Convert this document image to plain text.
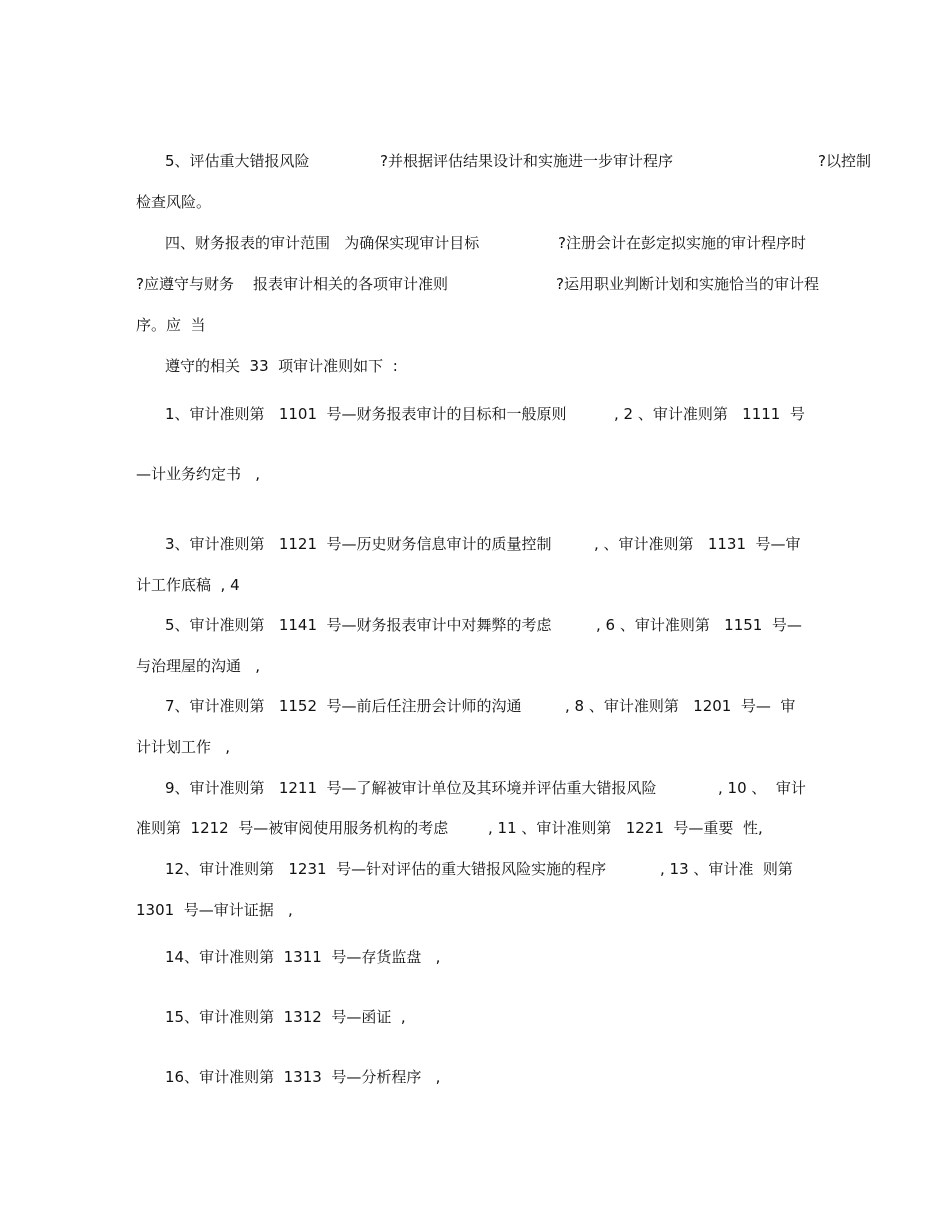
5、评估重大错报风险	?并根据评估结果设计和实施进一步审计程序	?以控制

检查风险。

四、财务报表的审计范围   为确保实现审计目标	?注册会计在彭定拟实施的审计程序时

?应遵守与财务    报表审计相关的各项审计准则	?运用职业判断计划和实施恰当的审计程

序。应  当

遵守的相关  33  项审计准则如下  :

1、审计准则第   1101  号—财务报表审计的目标和一般原则	, 2 、审计准则第   1111  号

—计业务约定书   ,

3、审计准则第   1121  号—历史财务信息审计的质量控制	, 、审计准则第   1131  号—审

计工作底稿  , 4

5、审计准则第   1141  号—财务报表审计中对舞弊的考虑	, 6 、审计准则第   1151  号—

与治理屋的沟通   ,

7、审计准则第   1152  号—前后任注册会计师的沟通	, 8 、审计准则第   1201  号—  审

计计划工作   ,

9、审计准则第   1211  号—了解被审计单位及其环境并评估重大错报风险	, 10 、  审计

准则第  1212  号—被审阅使用服务机构的考虑	, 11 、审计准则第   1221  号—重要  性,

12、审计准则第   1231  号—针对评估的重大错报风险实施的程序	, 13 、审计准  则第

1301  号—审计证据   ,

14、审计准则第  1311  号—存货监盘   ,

15、审计准则第  1312  号—函证  ,

16、审计准则第  1313  号—分析程序   ,
